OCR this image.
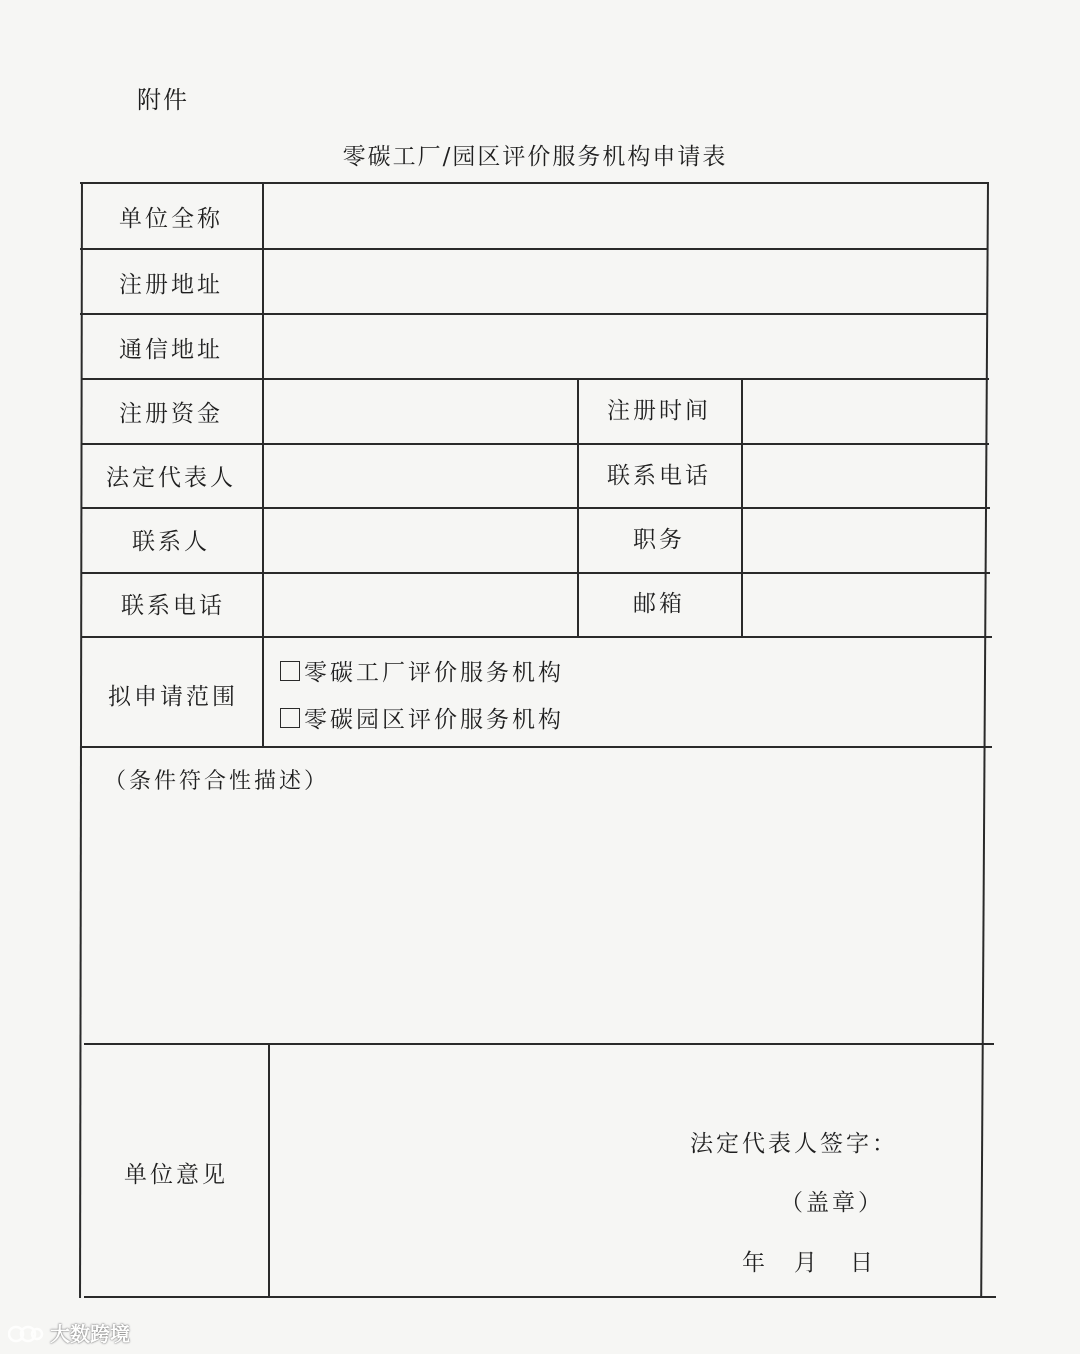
附件
零碳工厂/园区评价服务机构申请表
单位全称
注册地址
通信地址
注册资金	注册时间
法定代表人	联系电话
联系人	职务
联系电话	邮箱
拟申请范围
零碳工厂评价服务机构
零碳园区评价服务机构
（条件符合性描述）
单位意见
法定代表人签字：
（盖章）
年 月 日
大数跨境
